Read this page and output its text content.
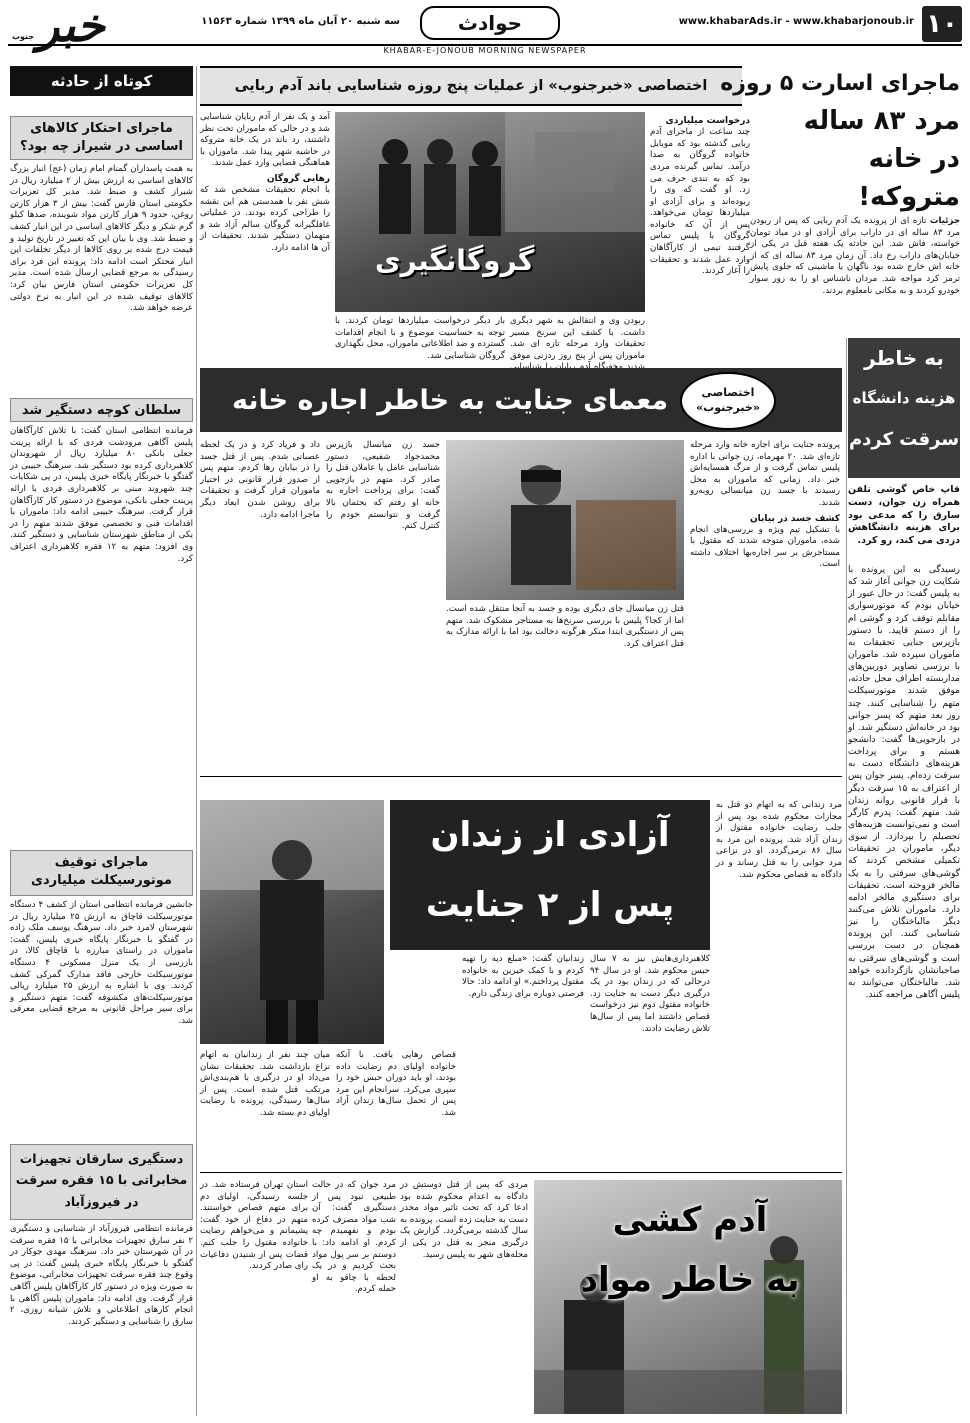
۱۰
www.khabarAds.ir - www.khabarjonoub.ir
حوادث
سه شنبه ۲۰ آبان ماه ۱۳۹۹ شماره ۱۱۵۶۳
خبر
جنوب
KHABAR-E-JONOUB MORNING NEWSPAPER
کوتاه از حادثه
ماجرای احتکار کالاهای اساسی در شیراز چه بود؟
به همت پاسداران گمنام امام زمان (عج) انبار بزرگ کالاهای اساسی به ارزش بیش از ۲ میلیارد ریال در شیراز کشف و ضبط شد. مدیر کل تعزیرات حکومتی استان فارس گفت: بیش از ۳ هزار کارتن روغن، حدود ۹ هزار کارتن مواد شوینده، صدها کیلو گرم شکر و دیگر کالاهای اساسی در این انبار کشف و ضبط شد. وی با بیان این که تغییر در تاریخ تولید و قیمت درج شده بر روی کالاها از دیگر تخلفات این انبار محتکر است ادامه داد: پرونده این فرد برای رسیدگی به مرجع قضایی ارسال شده است. مدیر کل تعزیرات حکومتی استان فارس بیان کرد: کالاهای توقیف شده در این انبار به نرخ دولتی عرضه خواهد شد.
سلطان کوچه دستگیر شد
فرمانده انتظامی استان گفت: با تلاش کارآگاهان پلیس آگاهی مرودشت فردی که با ارائه پرینت جعلی بانکی ۸۰ میلیارد ریال از شهروندان کلاهبرداری کرده بود دستگیر شد. سرهنگ حبیبی در گفتگو با خبرنگار پایگاه خبری پلیس، در پی شکایات چند شهروند مبنی بر کلاهبرداری فردی با ارائه پرینت جعلی بانکی، موضوع در دستور کار کارآگاهان قرار گرفت. سرهنگ حبیبی ادامه داد: ماموران با اقدامات فنی و تخصصی موفق شدند متهم را در یکی از مناطق شهرستان شناسایی و دستگیر کنند. وی افزود: متهم به ۱۲ فقره کلاهبرداری اعتراف کرد.
ماجرای توقیف موتورسیکلت میلیاردی
جانشین فرمانده انتظامی استان از کشف ۴ دستگاه موتورسیکلت قاچاق به ارزش ۲۵ میلیارد ریال در شهرستان لامرد خبر داد. سرهنگ یوسف ملک زاده در گفتگو با خبرنگار پایگاه خبری پلیس، گفت: ماموران در راستای مبارزه با قاچاق کالا، در بازرسی از یک منزل مسکونی ۴ دستگاه موتورسیکلت خارجی فاقد مدارک گمرکی کشف کردند. وی با اشاره به ارزش ۲۵ میلیارد ریالی موتورسیکلت‌های مکشوفه گفت: متهم دستگیر و برای سیر مراحل قانونی به مرجع قضایی معرفی شد.
دستگیری سارقان تجهیزات مخابراتی با ۱۵ فقره سرقت در فیروزآباد
فرمانده انتظامی فیروزآباد از شناسایی و دستگیری ۲ نفر سارق تجهیزات مخابراتی با ۱۵ فقره سرقت در آن شهرستان خبر داد. سرهنگ مهدی جوکار در گفتگو با خبرنگار پایگاه خبری پلیس گفت: در پی وقوع چند فقره سرقت تجهیزات مخابراتی، موضوع به صورت ویژه در دستور کار کارآگاهان پلیس آگاهی قرار گرفت. وی ادامه داد: ماموران پلیس آگاهی با انجام کارهای اطلاعاتی و تلاش شبانه روزی، ۲ سارق را شناسایی و دستگیر کردند.
اختصاصی «خبرجنوب» از عملیات پنج روزه شناسایی باند آدم ربایی ماجرای اسارت ۵ روزه
مرد ۸۳ ساله
در خانه
متروکه!
جزئیات تازه ای از پرونده یک آدم ربایی که پس از ربودن مرد ۸۳ ساله ای در داراب برای آزادی او در میاد تومان خواسته، فاش شد. این حادثه یک هفته قبل در یکی از خیابان‌های داراب رخ داد. آن زمان مرد ۸۳ ساله ای که از خانه اش خارج شده بود ناگهان با ماشینی که جلوی پایش ترمز کرد مواجه شد. مردان ناشناس او را به زور سوار خودرو کردند و به مکانی نامعلوم بردند.
درخواست میلیاردی
چند ساعت از ماجرای آدم ربایی گذشته بود که موبایل خانواده گروگان به صدا درآمد. تماس گیرنده مردی بود که به تندی حرف می زد. او گفت که وی را ربوده‌اند و برای آزادی او میلیاردها تومان می‌خواهد. پس از آن که خانواده گروگان با پلیس تماس گرفتند تیمی از کارآگاهان وارد عمل شدند و تحقیقات را آغاز کردند.
گروگانگیری
ربودن وی و انتقالش به شهر دیگری داشت. با کشف این سرنخ مسیر تحقیقات وارد مرحله تازه ای شد. ماموران پس از پنج روز ردزنی موفق
بار دیگر درخواست میلیاردها تومان کردند. با توجه به حساسیت موضوع و با انجام اقدامات گسترده و ضد اطلاعاتی ماموران، محل نگهداری گروگان شناسایی شد.
آمد و یک نفر از آدم ربایان شناسایی شد و در حالی که ماموران تحت نظر داشتند، رد باند در یک خانه متروکه در حاشیه شهر پیدا شد. ماموران با هماهنگی قضایی وارد عمل شدند.
رهایی گروگان
با انجام تحقیقات مشخص شد که شش نفر با همدستی هم این نقشه را طراحی کرده بودند. در عملیاتی غافلگیرانه گروگان سالم آزاد شد و متهمان دستگیر شدند. تحقیقات از آن ها ادامه دارد.
به خاطر
هزینه دانشگاه
سرقت کردم
قاپ خاص گوشی تلفن همراه زن جوان، دست سارق را که مدعی بود برای هزینه دانشگاهش دزدی می کند، رو کرد.
رسیدگی به این پرونده با شکایت زن جوانی آغاز شد که به پلیس گفت: در حال عبور از خیابان بودم که موتورسواری مقابلم توقف کرد و گوشی ام را از دستم قاپید. با دستور بازپرس جنایی تحقیقات به ماموران سپرده شد. ماموران با بررسی تصاویر دوربین‌های مداربسته اطراف محل حادثه، موفق شدند موتورسیکلت متهم را شناسایی کنند. چند روز بعد متهم که پسر جوانی بود در خانه‌اش دستگیر شد. او در بازجویی‌ها گفت: دانشجو هستم و برای پرداخت هزینه‌های دانشگاه دست به سرقت زده‌ام. پسر جوان پس از اعتراف به ۱۵ سرقت دیگر با قرار قانونی روانه زندان شد. متهم گفت: پدرم کارگر است و نمی‌توانست هزینه‌های تحصیلم را بپردازد. از سوی دیگر، ماموران در تحقیقات تکمیلی مشخص کردند که گوشی‌های سرقتی را به یک مالخر فروخته است. تحقیقات برای دستگیری مالخر ادامه دارد. ماموران تلاش می‌کنند دیگر مالباختگان را نیز شناسایی کنند. این پرونده همچنان در دست بررسی است و گوشی‌های سرقتی به صاحبانشان بازگردانده خواهد شد. مالباختگان می‌توانند به پلیس آگاهی مراجعه کنند.
معمای جنایت به خاطر اجاره خانه	اختصاصی «خبرجنوب»
پرونده جنایت برای اجاره خانه وارد مرحله تازه‌ای شد. ۲۰ مهرماه، زن جوانی با اداره پلیس تماس گرفت و از مرگ همسایه‌اش خبر داد. زمانی که ماموران به محل رسیدند با جسد زن میانسالی روبه‌رو شدند.
کشف جسد در بیابان
با تشکیل تیم ویژه و بررسی‌های انجام شده، ماموران متوجه شدند که مقتول با مستاجرش بر سر اجاره‌بها اختلاف داشته است.
قتل زن میانسال جای دیگری بوده و جسد به آنجا منتقل شده است. اما از کجا؟ پلیس با بررسی سرنخ‌ها به مستاجر مشکوک شد. متهم پس از دستگیری ابتدا منکر هرگونه دخالت بود اما با ارائه مدارک به قتل اعتراف کرد.
جسد زن میانسال بازپرس محمدجواد شفیعی، دستور شناسایی عامل یا عاملان قتل را صادر کرد. متهم در بازجویی گفت: برای پرداخت اجاره به خانه او رفتم که بحثمان بالا گرفت و نتوانستم خودم را کنترل کنم.
داد و فریاد کرد و در یک لحظه عصبانی شدم. پس از قتل جسد را در بیابان رها کردم. متهم پس از صدور قرار قانونی در اختیار ماموران قرار گرفت و تحقیقات برای روشن شدن ابعاد دیگر ماجرا ادامه دارد.
آزادی از زندان
پس از ۲ جنایت
مرد زندانی که به اتهام دو قتل به مجازات محکوم شده بود پس از جلب رضایت خانواده مقتول از زندان آزاد شد. پرونده این مرد به سال ۸۶ برمی‌گردد. او در نزاعی مرد جوانی را به قتل رساند و در دادگاه به قصاص محکوم شد.
کلاهبرداری‌هایش نیز به ۷ سال حبس محکوم شد. او در سال ۹۴ درحالی که در زندان بود در یک درگیری دیگر دست به جنایت زد. خانواده مقتول دوم نیز درخواست قصاص داشتند اما پس از سال‌ها تلاش رضایت دادند.
زندانیان گفت: «مبلغ دیه را تهیه کردم و با کمک خیرین به خانواده مقتول پرداختم.» او ادامه داد: حالا فرصتی دوباره برای زندگی دارم.
قصاص رهایی یافت. با آنکه خانواده اولیای دم رضایت داده بودند، او باید دوران حبس خود را سپری می‌کرد. سرانجام این مرد پس از تحمل سال‌ها زندان آزاد شد.
میان چند نفر از زندانیان به اتهام نزاع بازداشت شد. تحقیقات نشان می‌داد او در درگیری با هم‌بندی‌اش مرتکب قتل شده است. پس از سال‌ها رسیدگی، پرونده با رضایت اولیای دم بسته شد.
آدم کشی
به خاطر مواد
مردی که پس از قتل دوستش در دادگاه به اعدام محکوم شده بود ادعا کرد که تحت تاثیر مواد مخدر دست به جنایت زده است. پرونده به سال گذشته برمی‌گردد. گزارش یک درگیری منجر به قتل در یکی از محله‌های شهر به پلیس رسید.
مرد جوان که در حالت طبیعی نبود پس از دستگیری گفت: آن شب مواد مصرف کرده بودم و نفهمیدم چه کردم. او ادامه داد: با دوستم بر سر پول مواد بحث کردیم و در یک لحظه با چاقو به او حمله کردم.
استان تهران فرستاده شد. در جلسه رسیدگی، اولیای دم برای متهم قصاص خواستند. متهم در دفاع از خود گفت: پشیمانم و می‌خواهم رضایت خانواده مقتول را جلب کنم. قضات پس از شنیدن دفاعیات رای صادر کردند.
